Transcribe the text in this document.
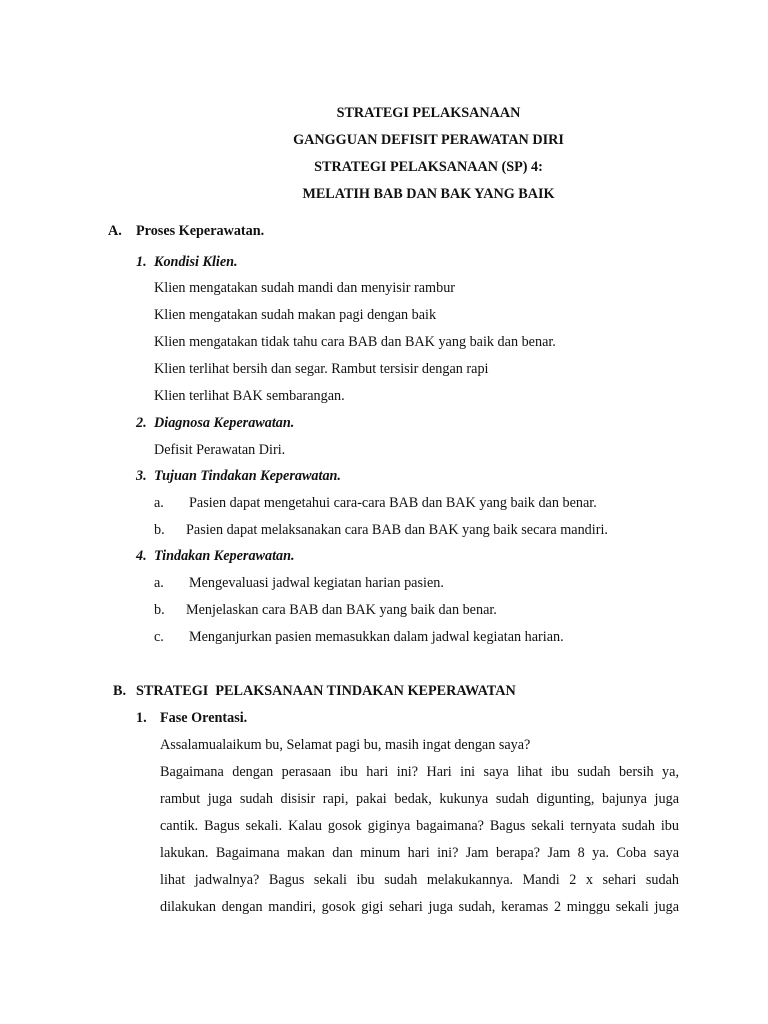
STRATEGI PELAKSANAAN
GANGGUAN DEFISIT PERAWATAN DIRI
STRATEGI PELAKSANAAN (SP) 4:
MELATIH BAB DAN BAK YANG BAIK
A. Proses Keperawatan.
1. Kondisi Klien.
Klien mengatakan sudah mandi dan menyisir rambur
Klien mengatakan sudah makan pagi dengan baik
Klien mengatakan tidak tahu cara BAB dan BAK yang baik dan benar.
Klien terlihat bersih dan segar. Rambut tersisir dengan rapi
Klien terlihat BAK sembarangan.
2. Diagnosa Keperawatan.
Defisit Perawatan Diri.
3. Tujuan Tindakan Keperawatan.
a. Pasien dapat mengetahui cara-cara BAB dan BAK yang baik dan benar.
b. Pasien dapat melaksanakan cara BAB dan BAK yang baik secara mandiri.
4. Tindakan Keperawatan.
a. Mengevaluasi jadwal kegiatan harian pasien.
b. Menjelaskan cara BAB dan BAK yang baik dan benar.
c. Menganjurkan pasien memasukkan dalam jadwal kegiatan harian.
B. STRATEGI  PELAKSANAAN TINDAKAN KEPERAWATAN
1. Fase Orentasi.
Assalamualaikum bu, Selamat pagi bu, masih ingat dengan saya?
Bagaimana dengan perasaan ibu hari ini? Hari ini saya lihat ibu sudah bersih ya,
rambut juga sudah disisir rapi, pakai bedak, kukunya sudah digunting, bajunya juga
cantik. Bagus sekali. Kalau gosok giginya bagaimana? Bagus sekali ternyata sudah ibu
lakukan. Bagaimana makan dan minum hari ini? Jam berapa? Jam 8 ya. Coba saya
lihat jadwalnya? Bagus sekali ibu sudah melakukannya. Mandi 2 x sehari sudah
dilakukan dengan mandiri, gosok gigi sehari juga sudah, keramas 2 minggu sekali juga
